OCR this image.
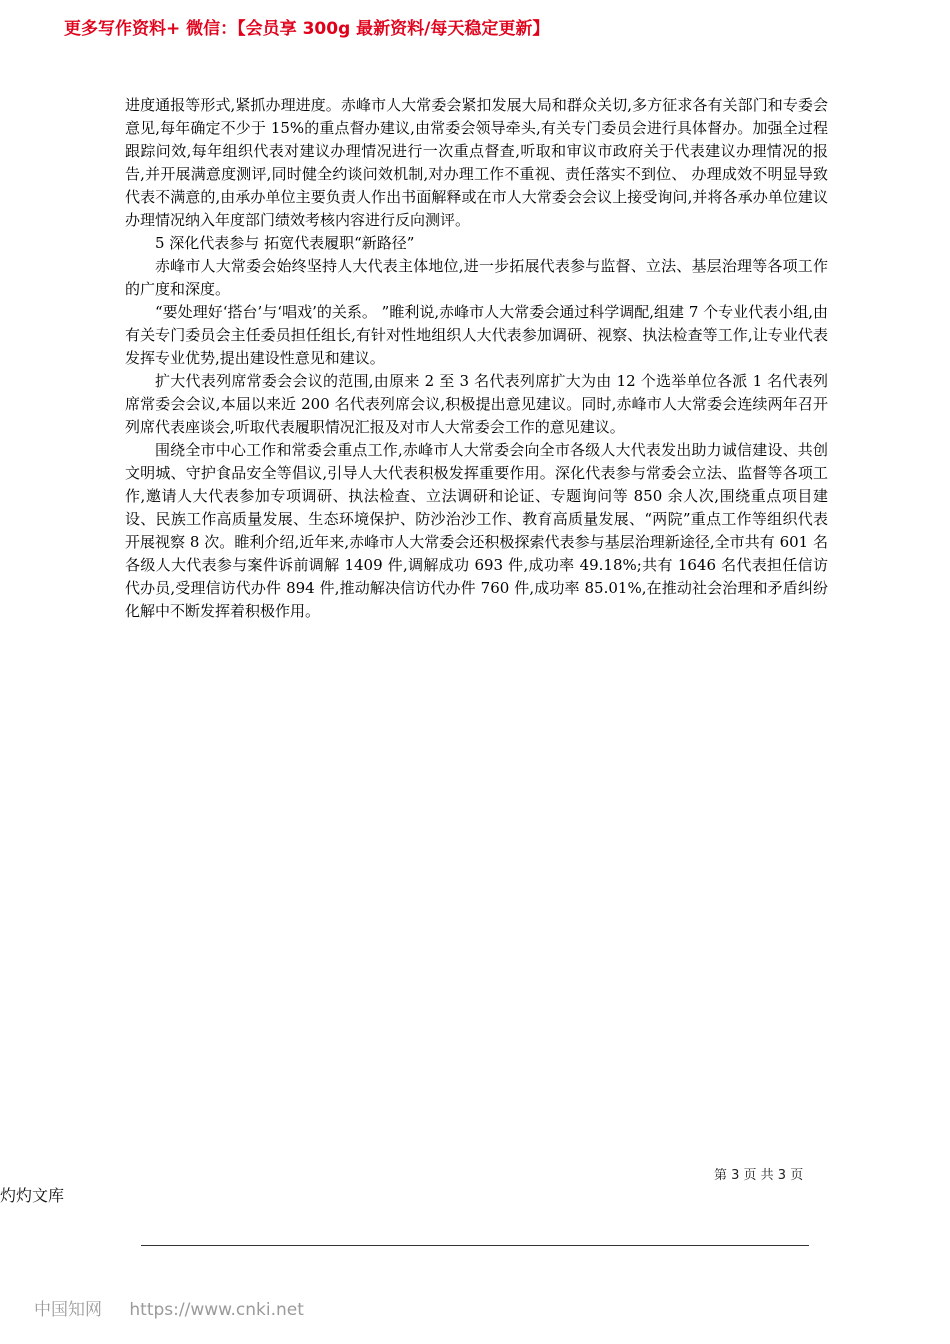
更多写作资料+ 微信：【会员享 300g 最新资料/每天稳定更新】

进度通报等形式,紧抓办理进度。赤峰市人大常委会紧扣发展大局和群众关切,多方征求各有关部门和专委会意见,每年确定不少于 15%的重点督办建议,由常委会领导牵头,有关专门委员会进行具体督办。加强全过程跟踪问效,每年组织代表对建议办理情况进行一次重点督查,听取和审议市政府关于代表建议办理情况的报告,并开展满意度测评,同时健全约谈问效机制,对办理工作不重视、责任落实不到位、 办理成效不明显导致代表不满意的,由承办单位主要负责人作出书面解释或在市人大常委会会议上接受询问,并将各承办单位建议办理情况纳入年度部门绩效考核内容进行反向测评。

5 深化代表参与 拓宽代表履职“新路径”

赤峰市人大常委会始终坚持人大代表主体地位,进一步拓展代表参与监督、立法、基层治理等各项工作的广度和深度。

“要处理好‘搭台’与‘唱戏’的关系。 ”睢利说,赤峰市人大常委会通过科学调配,组建 7 个专业代表小组,由有关专门委员会主任委员担任组长,有针对性地组织人大代表参加调研、视察、执法检查等工作,让专业代表发挥专业优势,提出建设性意见和建议。

扩大代表列席常委会会议的范围,由原来 2 至 3 名代表列席扩大为由 12 个选举单位各派 1 名代表列席常委会会议,本届以来近 200 名代表列席会议,积极提出意见建议。同时,赤峰市人大常委会连续两年召开列席代表座谈会,听取代表履职情况汇报及对市人大常委会工作的意见建议。

围绕全市中心工作和常委会重点工作,赤峰市人大常委会向全市各级人大代表发出助力诚信建设、共创文明城、守护食品安全等倡议,引导人大代表积极发挥重要作用。深化代表参与常委会立法、监督等各项工作,邀请人大代表参加专项调研、执法检查、立法调研和论证、专题询问等 850 余人次,围绕重点项目建设、民族工作高质量发展、生态环境保护、防沙治沙工作、教育高质量发展、“两院”重点工作等组织代表开展视察 8 次。睢利介绍,近年来,赤峰市人大常委会还积极探索代表参与基层治理新途径,全市共有 601 名各级人大代表参与案件诉前调解 1409 件,调解成功 693 件,成功率 49.18%;共有 1646 名代表担任信访代办员,受理信访代办件 894 件,推动解决信访代办件 760 件,成功率 85.01%,在推动社会治理和矛盾纠纷化解中不断发挥着积极作用。

第 3 页 共 3 页
灼灼文库
中国知网 https://www.cnki.net
